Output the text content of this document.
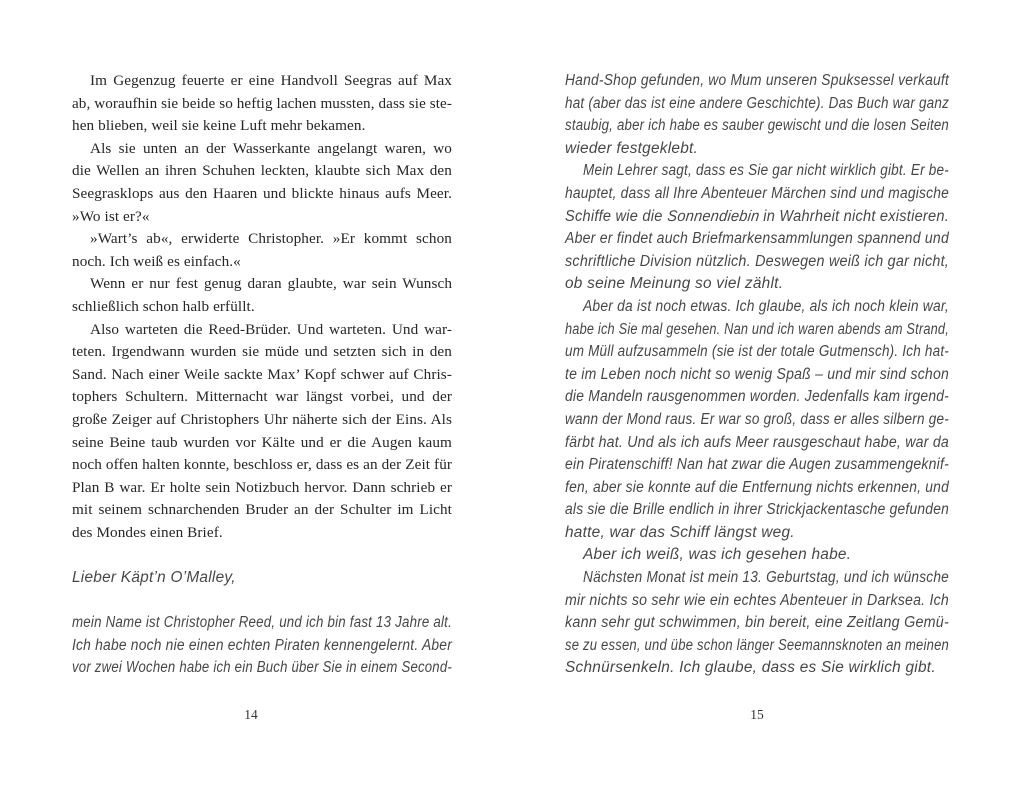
Im Gegenzug feuerte er eine Handvoll Seegras auf Max
ab, woraufhin sie beide so heftig lachen mussten, dass sie ste-
hen blieben, weil sie keine Luft mehr bekamen.
Als sie unten an der Wasserkante angelangt waren, wo
die Wellen an ihren Schuhen leckten, klaubte sich Max den
Seegrasklops aus den Haaren und blickte hinaus aufs Meer.
»Wo ist er?«
»Wart’s ab«, erwiderte Christopher. »Er kommt schon
noch. Ich weiß es einfach.«
Wenn er nur fest genug daran glaubte, war sein Wunsch
schließlich schon halb erfüllt.
Also warteten die Reed-Brüder. Und warteten. Und war-
teten. Irgendwann wurden sie müde und setzten sich in den
Sand. Nach einer Weile sackte Max’ Kopf schwer auf Chris-
tophers Schultern. Mitternacht war längst vorbei, und der
große Zeiger auf Christophers Uhr näherte sich der Eins. Als
seine Beine taub wurden vor Kälte und er die Augen kaum
noch offen halten konnte, beschloss er, dass es an der Zeit für
Plan B war. Er holte sein Notizbuch hervor. Dann schrieb er
mit seinem schnarchenden Bruder an der Schulter im Licht
des Mondes einen Brief.
Lieber Käpt’n O’Malley,
mein Name ist Christopher Reed, und ich bin fast 13 Jahre alt.
Ich habe noch nie einen echten Piraten kennengelernt. Aber
vor zwei Wochen habe ich ein Buch über Sie in einem Second-
Hand-Shop gefunden, wo Mum unseren Spuksessel verkauft
hat (aber das ist eine andere Geschichte). Das Buch war ganz
staubig, aber ich habe es sauber gewischt und die losen Seiten
wieder festgeklebt.
Mein Lehrer sagt, dass es Sie gar nicht wirklich gibt. Er be-
hauptet, dass all Ihre Abenteuer Märchen sind und magische
Schiffe wie die Sonnendiebin in Wahrheit nicht existieren.
Aber er findet auch Briefmarkensammlungen spannend und
schriftliche Division nützlich. Deswegen weiß ich gar nicht,
ob seine Meinung so viel zählt.
Aber da ist noch etwas. Ich glaube, als ich noch klein war,
habe ich Sie mal gesehen. Nan und ich waren abends am Strand,
um Müll aufzusammeln (sie ist der totale Gutmensch). Ich hat-
te im Leben noch nicht so wenig Spaß – und mir sind schon
die Mandeln rausgenommen worden. Jedenfalls kam irgend-
wann der Mond raus. Er war so groß, dass er alles silbern ge-
färbt hat. Und als ich aufs Meer rausgeschaut habe, war da
ein Piratenschiff! Nan hat zwar die Augen zusammengeknif-
fen, aber sie konnte auf die Entfernung nichts erkennen, und
als sie die Brille endlich in ihrer Strickjackentasche gefunden
hatte, war das Schiff längst weg.
Aber ich weiß, was ich gesehen habe.
Nächsten Monat ist mein 13. Geburtstag, und ich wünsche
mir nichts so sehr wie ein echtes Abenteuer in Darksea. Ich
kann sehr gut schwimmen, bin bereit, eine Zeitlang Gemü-
se zu essen, und übe schon länger Seemannsknoten an meinen
Schnürsenkeln. Ich glaube, dass es Sie wirklich gibt.
14	15
